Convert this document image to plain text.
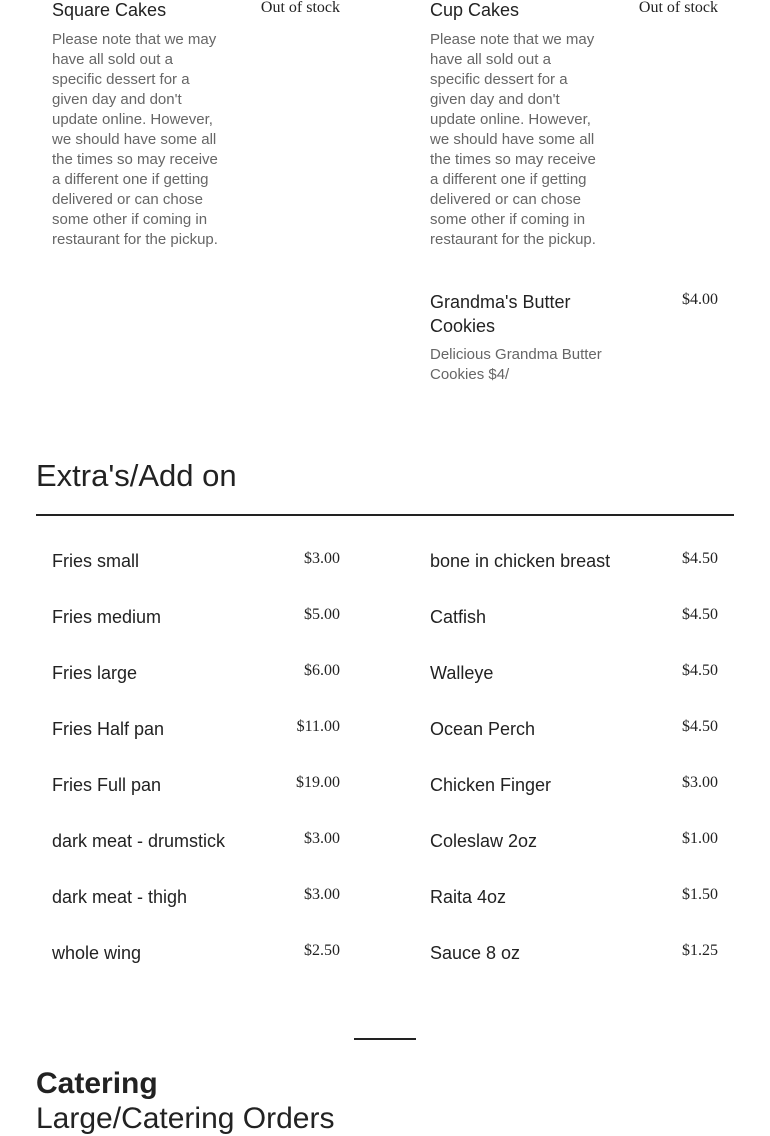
Square Cakes	Out of stock
Please note that we may
have all sold out a
specific dessert for a
given day and don't
update online. However,
we should have some all
the times so may receive
a different one if getting
delivered or can chose
some other if coming in
restaurant for the pickup.
Cup Cakes	Out of stock
Please note that we may
have all sold out a
specific dessert for a
given day and don't
update online. However,
we should have some all
the times so may receive
a different one if getting
delivered or can chose
some other if coming in
restaurant for the pickup.
Grandma's Butter
Cookies
$4.00
Delicious Grandma Butter
Cookies $4/
Extra's/Add on
Fries small	$3.00
Fries medium	$5.00
Fries large	$6.00
Fries Half pan	$11.00
Fries Full pan	$19.00
dark meat - drumstick	$3.00
dark meat - thigh	$3.00
whole wing	$2.50
bone in chicken breast	$4.50
Catfish	$4.50
Walleye	$4.50
Ocean Perch	$4.50
Chicken Finger	$3.00
Coleslaw 2oz	$1.00
Raita 4oz	$1.50
Sauce 8 oz	$1.25
Catering
Large/Catering Orders
